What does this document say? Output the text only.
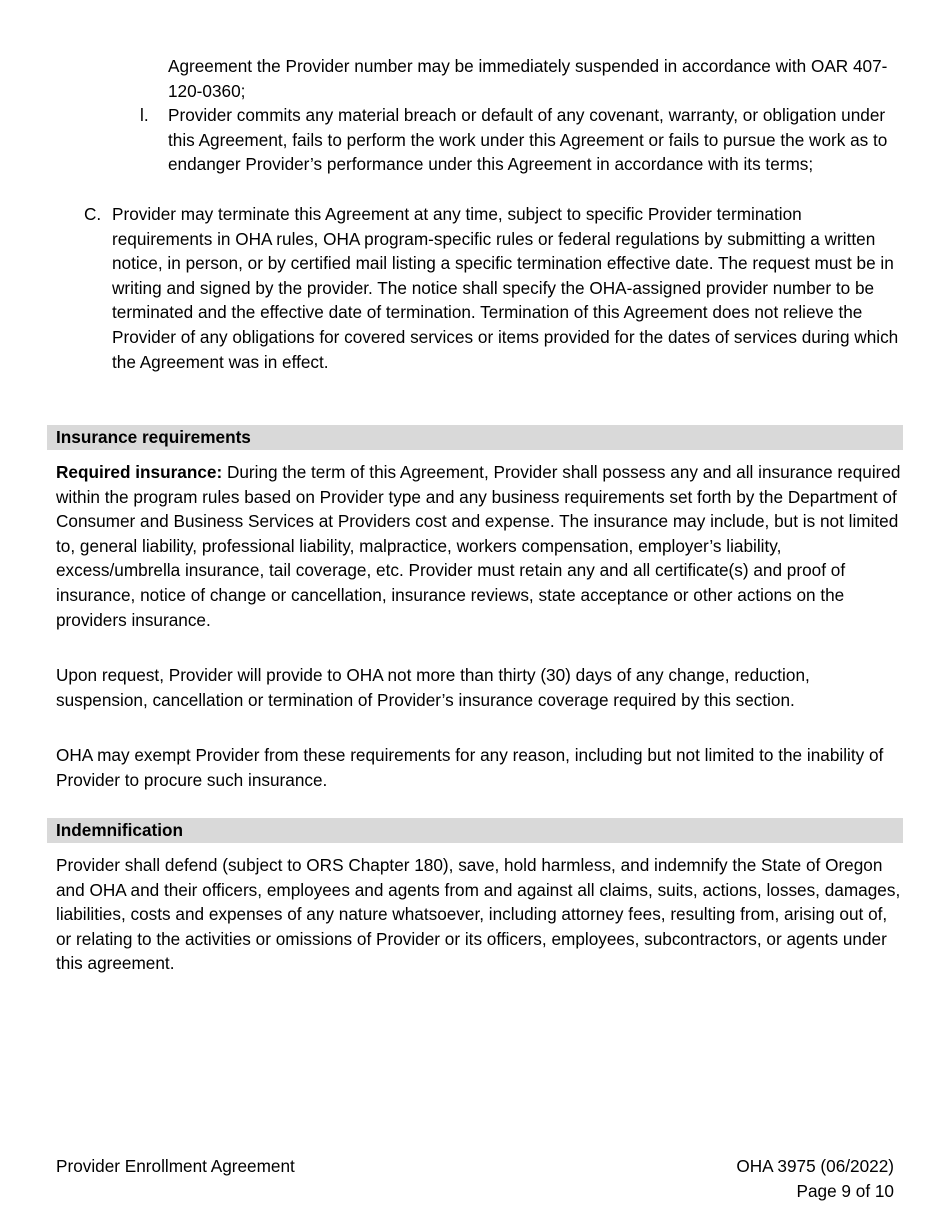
Agreement the Provider number may be immediately suspended in accordance with OAR 407-120-0360;
l. Provider commits any material breach or default of any covenant, warranty, or obligation under this Agreement, fails to perform the work under this Agreement or fails to pursue the work as to endanger Provider’s performance under this Agreement in accordance with its terms;
C. Provider may terminate this Agreement at any time, subject to specific Provider termination requirements in OHA rules, OHA program-specific rules or federal regulations by submitting a written notice, in person, or by certified mail listing a specific termination effective date. The request must be in writing and signed by the provider. The notice shall specify the OHA-assigned provider number to be terminated and the effective date of termination. Termination of this Agreement does not relieve the Provider of any obligations for covered services or items provided for the dates of services during which the Agreement was in effect.
Insurance requirements

Required insurance: During the term of this Agreement, Provider shall possess any and all insurance required within the program rules based on Provider type and any business requirements set forth by the Department of Consumer and Business Services at Providers cost and expense. The insurance may include, but is not limited to, general liability, professional liability, malpractice, workers compensation, employer’s liability, excess/umbrella insurance, tail coverage, etc. Provider must retain any and all certificate(s) and proof of insurance, notice of change or cancellation, insurance reviews, state acceptance or other actions on the providers insurance.

Upon request, Provider will provide to OHA not more than thirty (30) days of any change, reduction, suspension, cancellation or termination of Provider’s insurance coverage required by this section.

OHA may exempt Provider from these requirements for any reason, including but not limited to the inability of Provider to procure such insurance.

Indemnification

Provider shall defend (subject to ORS Chapter 180), save, hold harmless, and indemnify the State of Oregon and OHA and their officers, employees and agents from and against all claims, suits, actions, losses, damages, liabilities, costs and expenses of any nature whatsoever, including attorney fees, resulting from, arising out of, or relating to the activities or omissions of Provider or its officers, employees, subcontractors, or agents under this agreement.

Provider Enrollment Agreement	OHA 3975 (06/2022)
Page 9 of 10
